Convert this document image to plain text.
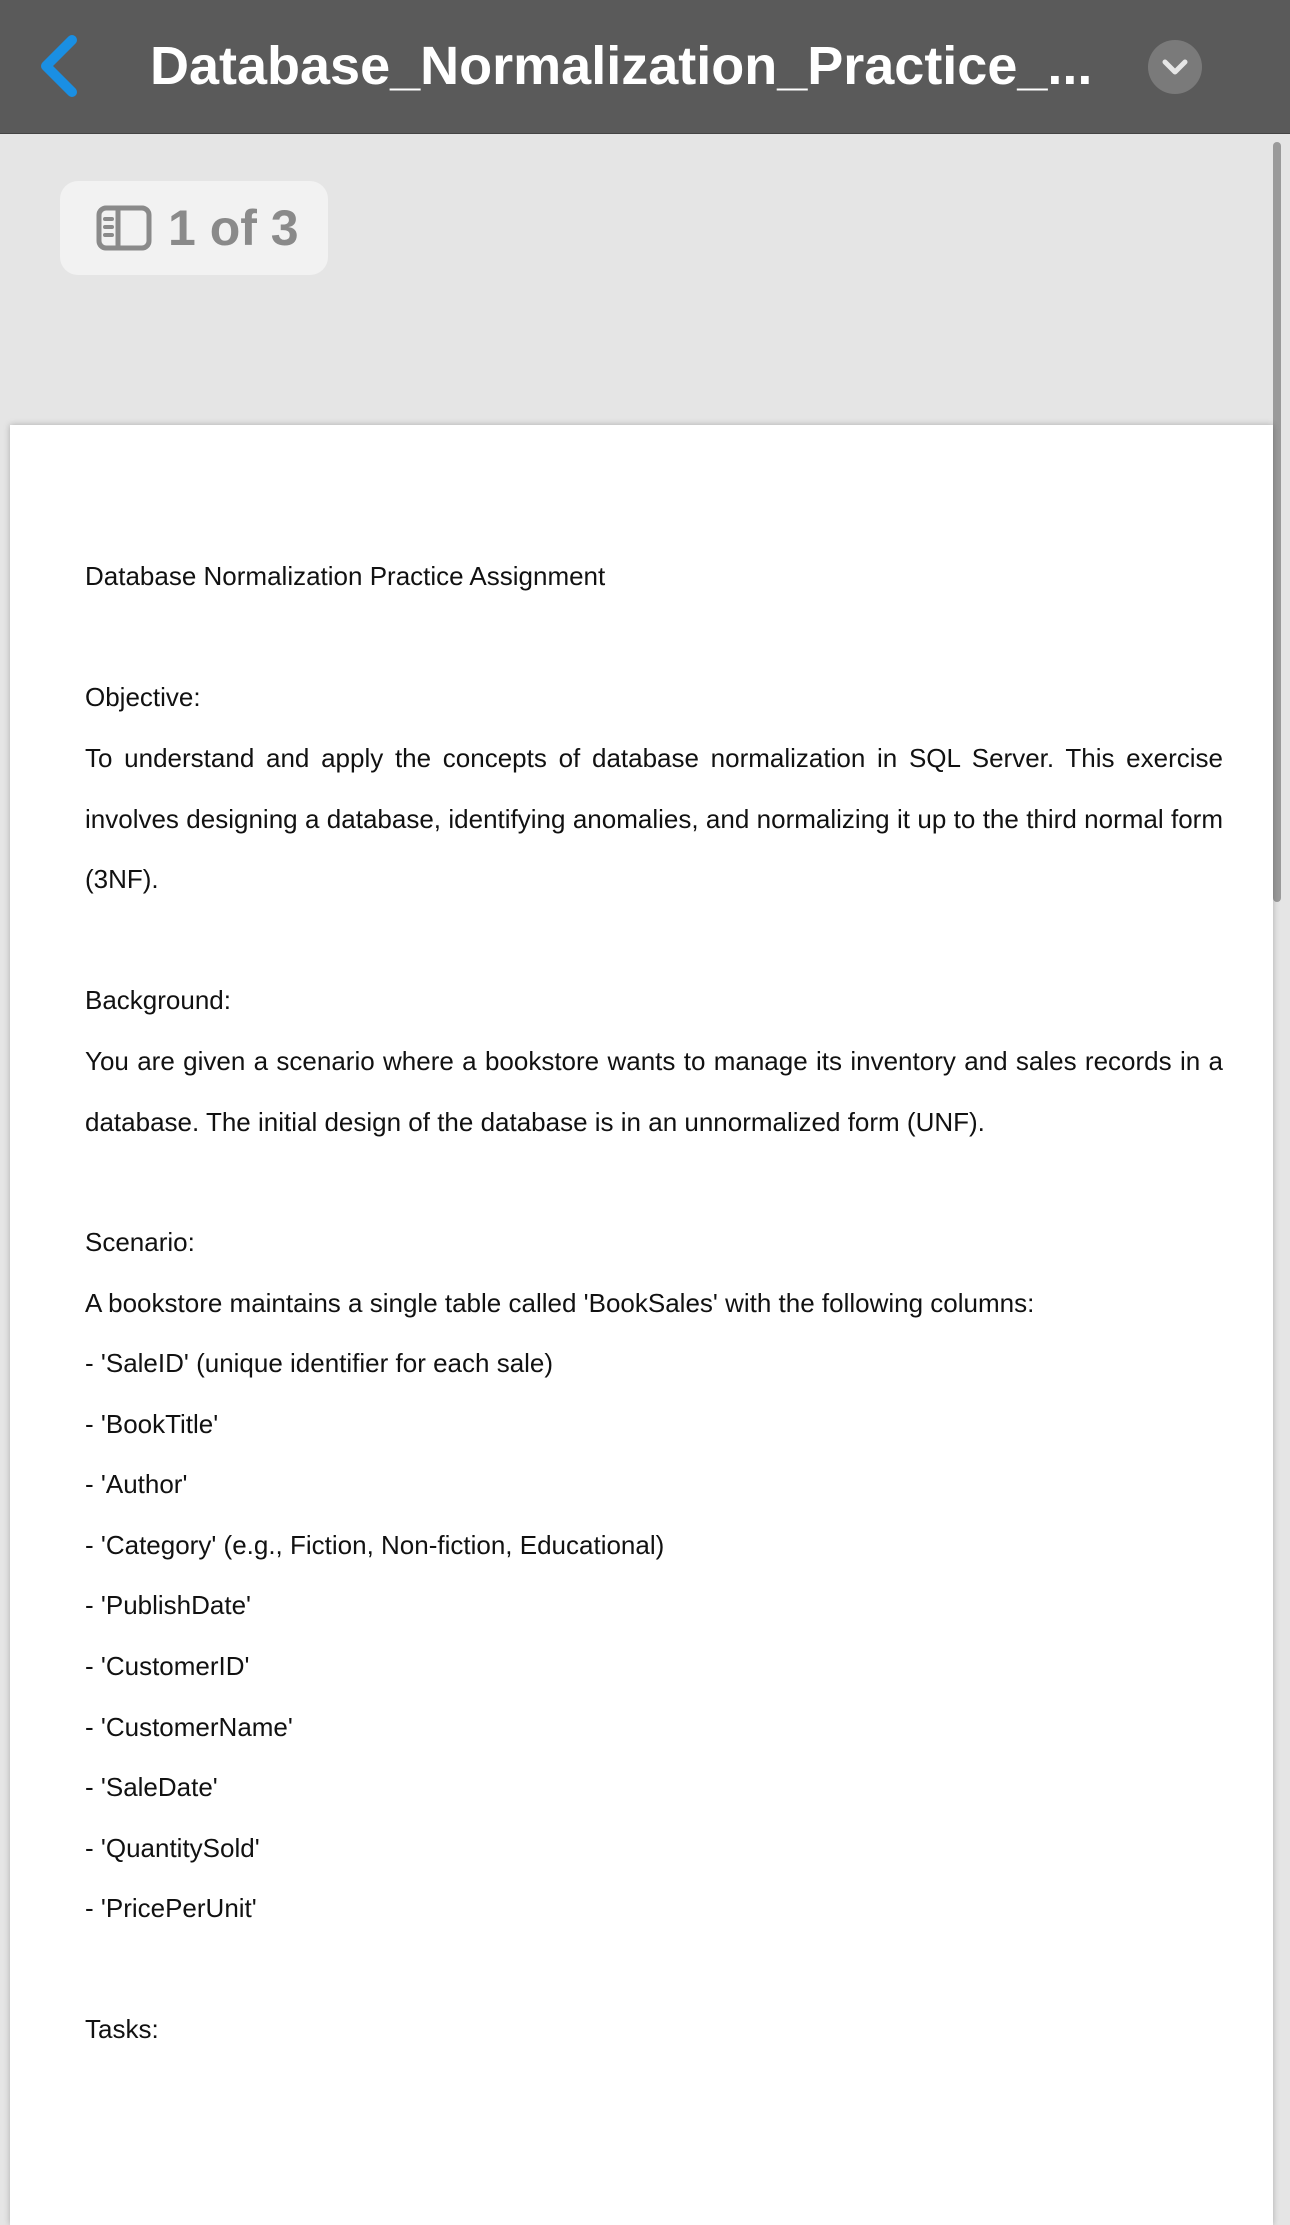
Database_Normalization_Practice_...
1 of 3
Database Normalization Practice Assignment
Objective:
To understand and apply the concepts of database normalization in SQL Server. This exercise involves designing a database, identifying anomalies, and normalizing it up to the third normal form (3NF).
Background:
You are given a scenario where a bookstore wants to manage its inventory and sales records in a database. The initial design of the database is in an unnormalized form (UNF).
Scenario:
A bookstore maintains a single table called 'BookSales' with the following columns:
- 'SaleID' (unique identifier for each sale)
- 'BookTitle'
- 'Author'
- 'Category' (e.g., Fiction, Non-fiction, Educational)
- 'PublishDate'
- 'CustomerID'
- 'CustomerName'
- 'SaleDate'
- 'QuantitySold'
- 'PricePerUnit'
Tasks:
